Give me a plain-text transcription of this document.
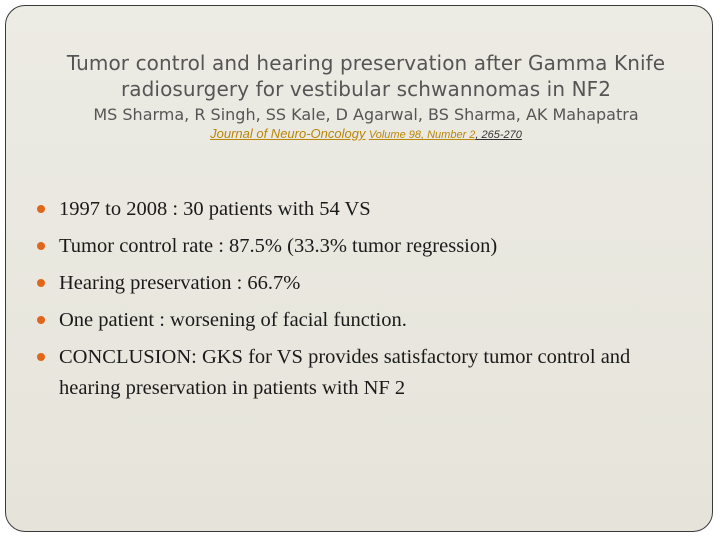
Tumor control and hearing preservation after Gamma Knife
radiosurgery for vestibular schwannomas in NF2
MS Sharma, R Singh, SS Kale, D Agarwal, BS Sharma, AK Mahapatra
Journal of Neuro-Oncology Volume 98, Number 2, 265-270
1997 to 2008 : 30 patients with 54 VS
Tumor control rate : 87.5% (33.3% tumor regression)
Hearing preservation : 66.7%
One patient : worsening of facial function.
CONCLUSION: GKS for VS provides satisfactory tumor control and hearing preservation in patients with NF 2
